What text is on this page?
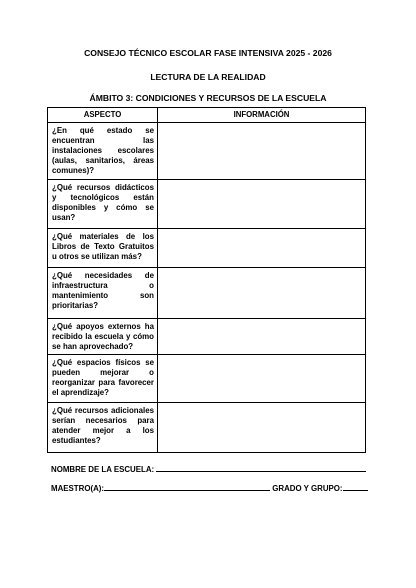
CONSEJO TÉCNICO ESCOLAR FASE INTENSIVA 2025 - 2026
LECTURA DE LA REALIDAD
ÁMBITO 3: CONDICIONES Y RECURSOS DE LA ESCUELA
ASPECTO	INFORMACIÓN
¿En qué estado se encuentran las instalaciones escolares (aulas, sanitarios, áreas comunes)?	
¿Qué recursos didácticos y tecnológicos están disponibles y cómo se usan?	
¿Qué materiales de los Libros de Texto Gratuitos u otros se utilizan más?	
¿Qué necesidades de infraestructura o mantenimiento son prioritarias?	
¿Qué apoyos externos ha recibido la escuela y cómo se han aprovechado?	
¿Qué espacios físicos se pueden mejorar o reorganizar para favorecer el aprendizaje?	
¿Qué recursos adicionales serían necesarios para atender mejor a los estudiantes?	
NOMBRE DE LA ESCUELA:
MAESTRO(A):	GRADO Y GRUPO:
